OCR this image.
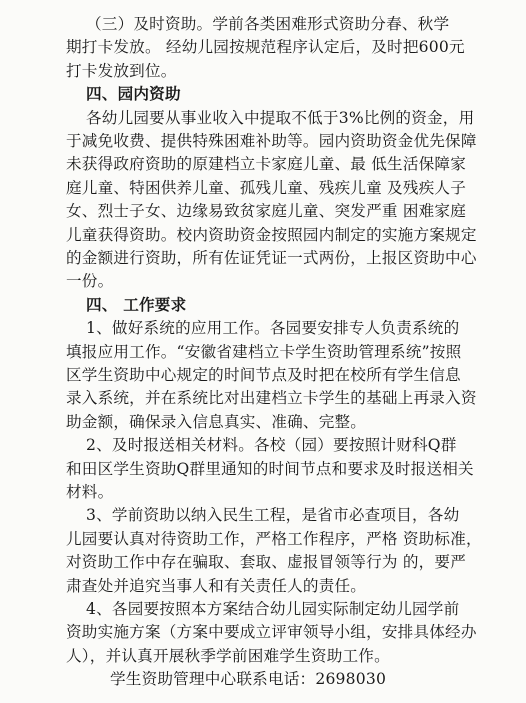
（三）及时资助。学前各类困难形式资助分春、秋学
期打卡发放。 经幼儿园按规范程序认定后，及时把600元
打卡发放到位。
四、园内资助
各幼儿园要从事业收入中提取不低于3%比例的资金，用
于减免收费、提供特殊困难补助等。园内资助资金优先保障
未获得政府资助的原建档立卡家庭儿童、最 低生活保障家
庭儿童、特困供养儿童、孤残儿童、残疾儿童 及残疾人子
女、烈士子女、边缘易致贫家庭儿童、突发严重 困难家庭
儿童获得资助。校内资助资金按照园内制定的实施方案规定
的金额进行资助，所有佐证凭证一式两份，上报区资助中心
一份。
四、 工作要求
1、做好系统的应用工作。各园要安排专人负责系统的
填报应用工作。“安徽省建档立卡学生资助管理系统”按照
区学生资助中心规定的时间节点及时把在校所有学生信息
录入系统，并在系统比对出建档立卡学生的基础上再录入资
助金额，确保录入信息真实、准确、完整。
2、及时报送相关材料。各校（园）要按照计财科Q群
和田区学生资助Q群里通知的时间节点和要求及时报送相关
材料。
3、学前资助以纳入民生工程，是省市必查项目，各幼
儿园要认真对待资助工作，严格工作程序，严格 资助标准，
对资助工作中存在骗取、套取、虚报冒领等行为 的，要严
肃查处并追究当事人和有关责任人的责任。
4、各园要按照本方案结合幼儿园实际制定幼儿园学前
资助实施方案（方案中要成立评审领导小组，安排具体经办
人），并认真开展秋季学前困难学生资助工作。
学生资助管理中心联系电话：2698030
